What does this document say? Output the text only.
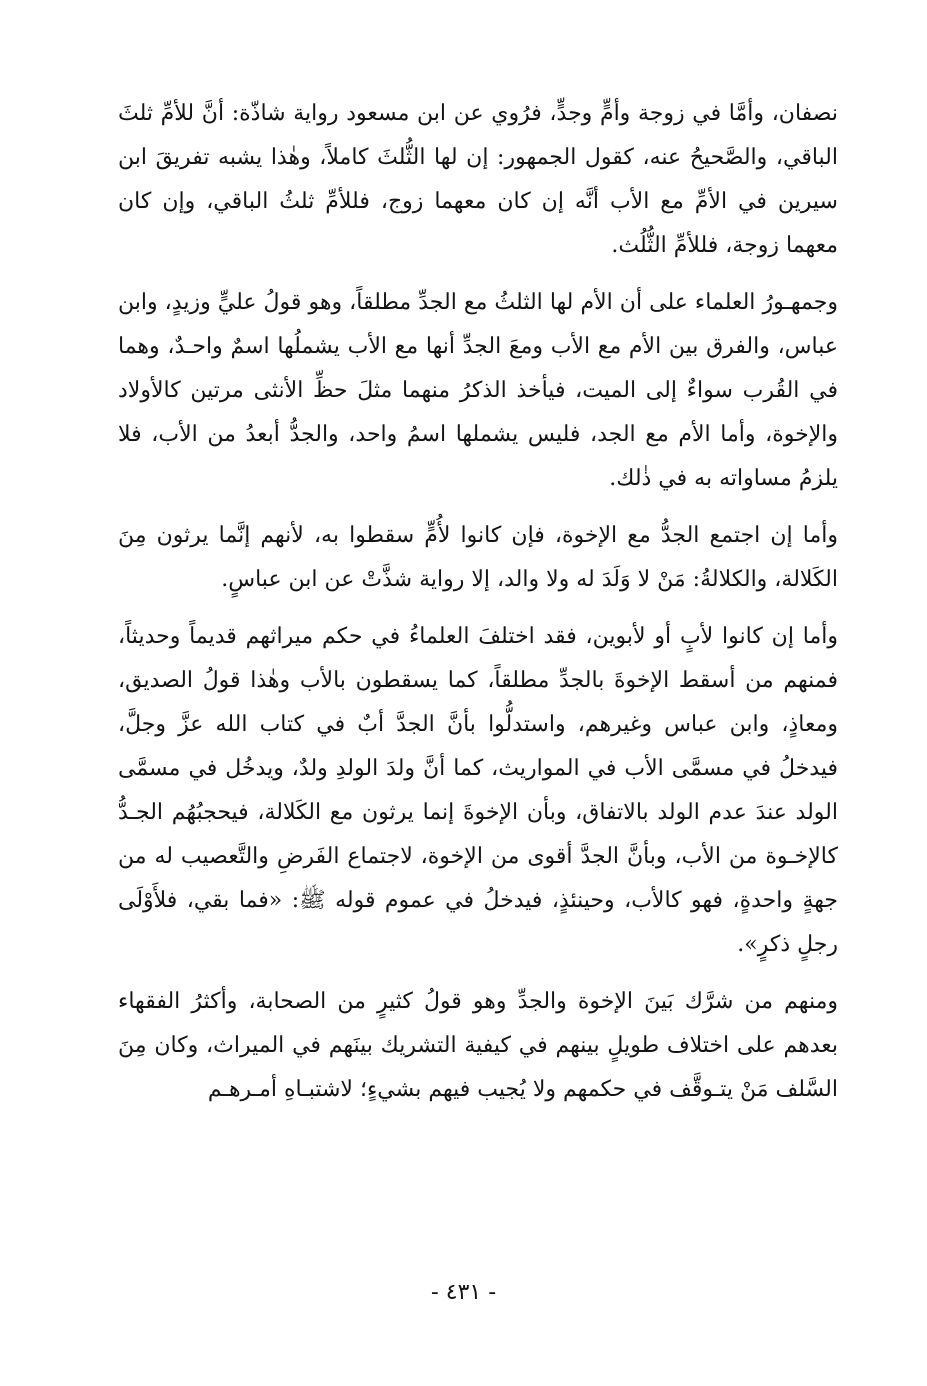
نصفان، وأمَّا في زوجة وأمٍّ وجدٍّ، فرُوي عن ابن مسعود رواية شاذّة: أنَّ للأمِّ ثلثَ الباقي، والصَّحيحُ عنه، كقول الجمهور: إن لها الثُّلثَ كاملاً، وهٰذا يشبه تفريقَ ابن سيرين في الأمِّ مع الأب أنَّه إن كان معهما زوج، فللأمِّ ثلثُ الباقي، وإن كان معهما زوجة، فللأمِّ الثُّلُث.

وجمهـورُ العلماء على أن الأم لها الثلثُ مع الجدِّ مطلقاً، وهو قولُ عليٍّ وزيدٍ، وابن عباس، والفرق بين الأم مع الأب ومعَ الجدِّ أنها مع الأب يشملُها اسمٌ واحـدٌ، وهما في القُرب سواءٌ إلى الميت، فيأخذ الذكرُ منهما مثلَ حظِّ الأنثى مرتين كالأولاد والإخوة، وأما الأم مع الجد، فليس يشملها اسمُ واحد، والجدُّ أبعدُ من الأب، فلا يلزمُ مساواته به في ذٰلك.

وأما إن اجتمع الجدُّ مع الإخوة، فإن كانوا لأُمٍّ سقطوا به، لأنهم إنَّما يرثون مِنَ الكَلالة، والكلالةُ: مَنْ لا وَلَدَ له ولا والد، إلا رواية شذَّتْ عن ابن عباسٍ.

وأما إن كانوا لأبٍ أو لأبوين، فقد اختلفَ العلماءُ في حكم ميراثهم قديماً وحديثاً، فمنهم من أسقط الإخوةَ بالجدِّ مطلقاً، كما يسقطون بالأب وهٰذا قولُ الصديق، ومعاذٍ، وابن عباس وغيرهم، واستدلُّوا بأنَّ الجدَّ أبٌ في كتاب الله عزَّ وجلَّ، فيدخلُ في مسمَّى الأب في المواريث، كما أنَّ ولدَ الولدِ ولدٌ، ويدخُل في مسمَّى الولد عندَ عدم الولد بالاتفاق، وبأن الإخوةَ إنما يرثون مع الكَلالة، فيحجبُهُم الجـدُّ كالإخـوة من الأب، وبأنَّ الجدَّ أقوى من الإخوة، لاجتماع الفَرضِ والتَّعصيب له من جهةٍ واحدةٍ، فهو كالأب، وحينئذٍ، فيدخلُ في عموم قوله ﷺ: «فما بقي، فلأَوْلَى رجلٍ ذكرٍ».

ومنهم من شرَّك بَينَ الإخوة والجدِّ وهو قولُ كثيرٍ من الصحابة، وأكثرُ الفقهاء بعدهم على اختلاف طويلٍ بينهم في كيفية التشريك بينَهم في الميراث، وكان مِنَ السَّلف مَنْ يتـوقَّف في حكمهم ولا يُجيب فيهم بشيءٍ؛ لاشتبـاهِ أمـرهـم

- ٤٣١ -
